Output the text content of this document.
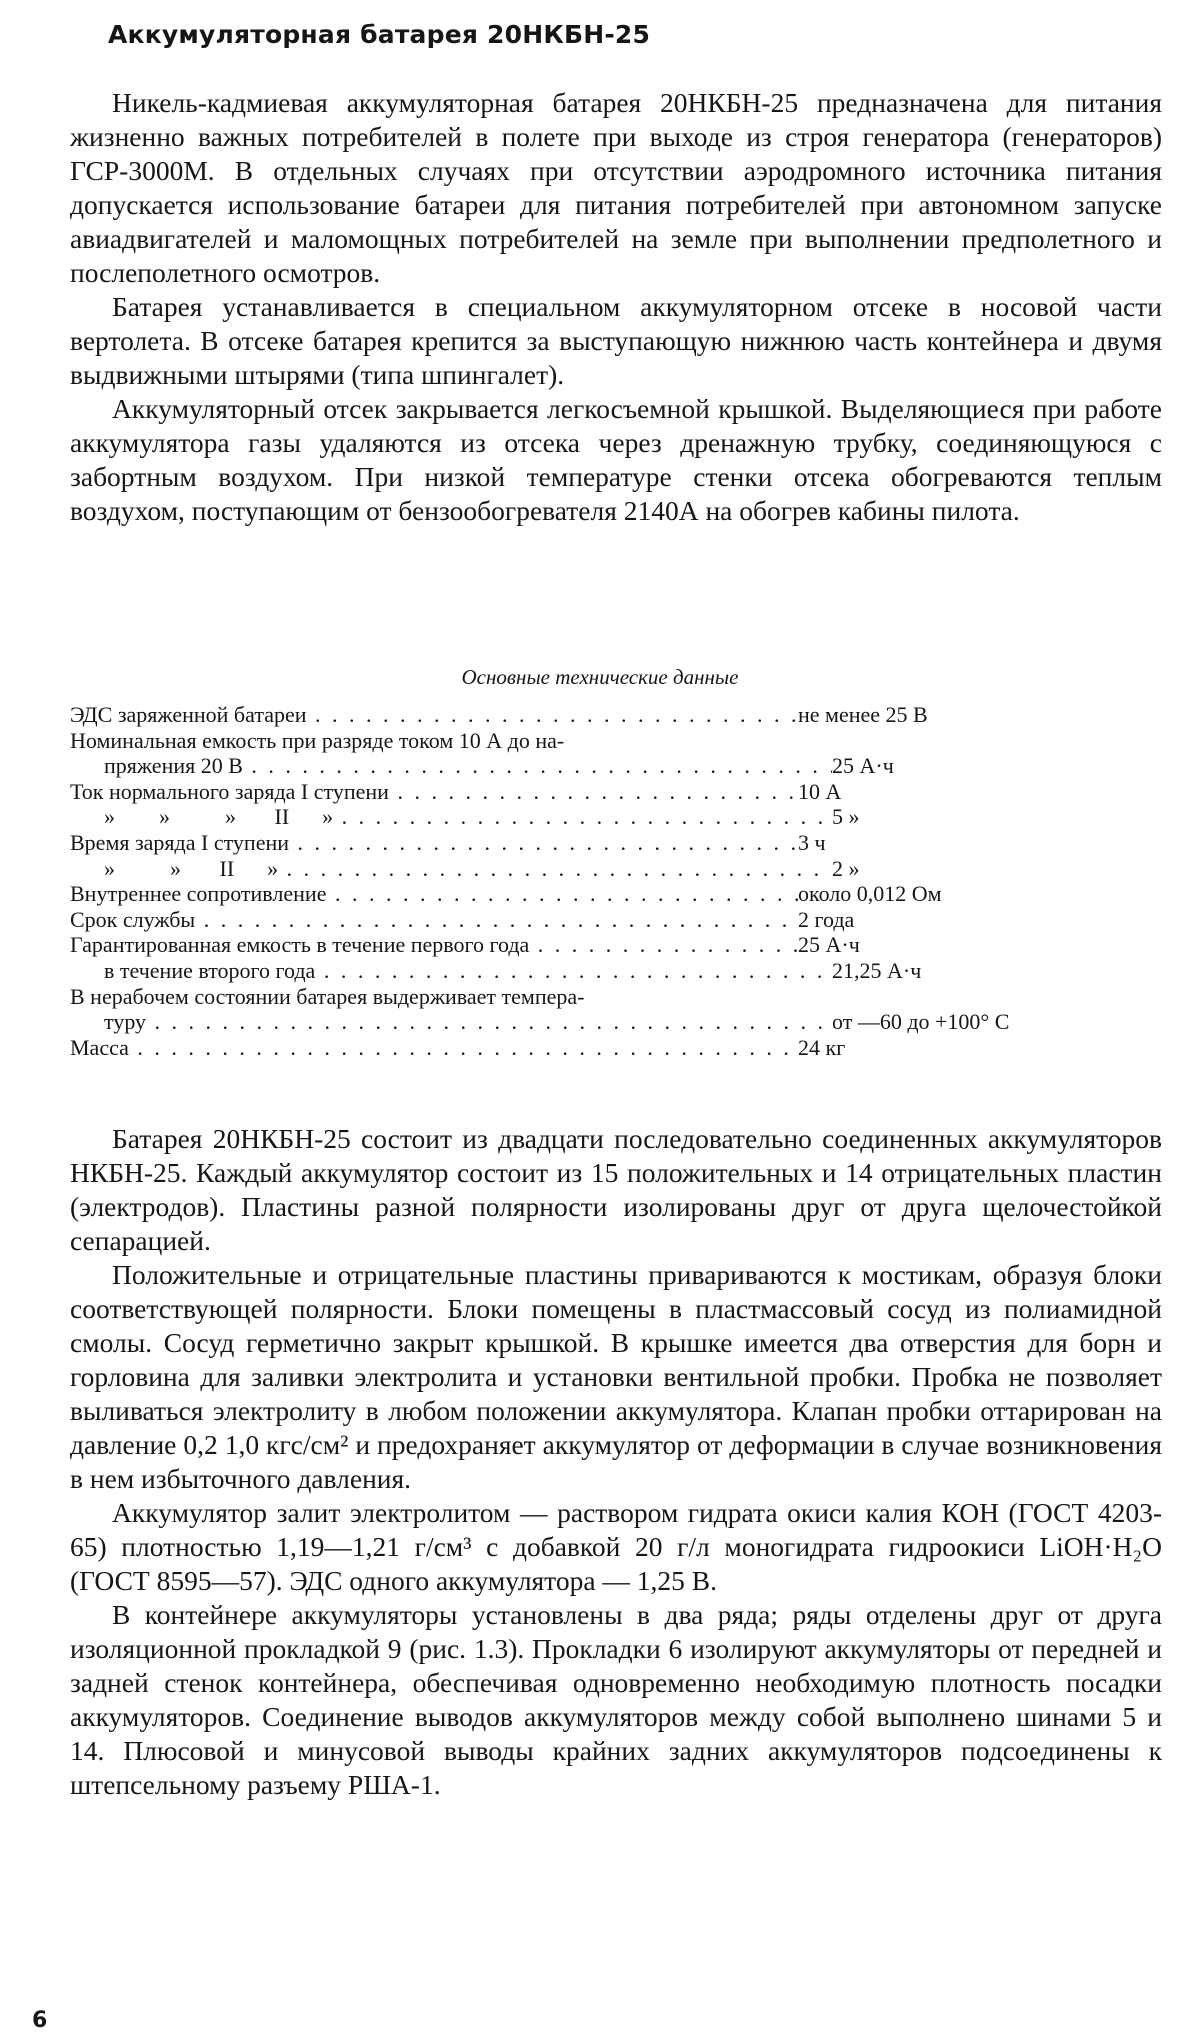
Аккумуляторная батарея 20НКБН-25

Никель-кадмиевая аккумуляторная батарея 20НКБН-25 предназначена для питания жизненно важных потребителей в полете при выходе из строя генератора (генераторов) ГСР-3000М. В отдельных случаях при отсутствии аэродромного источника питания допускается использование батареи для питания потребителей при автономном запуске авиадвигателей и маломощных потребителей на земле при выполнении предполетного и послеполетного осмотров.

Батарея устанавливается в специальном аккумуляторном отсеке в носовой части вертолета. В отсеке батарея крепится за выступающую нижнюю часть контейнера и двумя выдвижными штырями (типа шпингалет).

Аккумуляторный отсек закрывается легкосъемной крышкой. Выделяющиеся при работе аккумулятора газы удаляются из отсека через дренажную трубку, соединяющуюся с забортным воздухом. При низкой температуре стенки отсека обогреваются теплым воздухом, поступающим от бензообогревателя 2140А на обогрев кабины пилота.

Основные технические данные
ЭДС заряженной батареи . . .	не менее 25 В
Номинальная емкость при разряде током 10 А до на-
пряжения 20 В . . .	25 А·ч
Ток нормального заряда I ступени . . .	10 А
»        »          »       II      » . . .	5 »
Время заряда I ступени . . .	3 ч
»          »       II      » . . .	2 »
Внутреннее сопротивление . . .	около 0,012 Ом
Срок службы . . .	2 года
Гарантированная емкость в течение первого года . . .	25 А·ч
в течение второго года . . .	21,25 А·ч
В нерабочем состоянии батарея выдерживает темпера-
туру . . .	от —60 до +100° С
Масса . . .	24 кг

Батарея 20НКБН-25 состоит из двадцати последовательно соединенных аккумуляторов НКБН-25. Каждый аккумулятор состоит из 15 положительных и 14 отрицательных пластин (электродов). Пластины разной полярности изолированы друг от друга щелочестойкой сепарацией.

Положительные и отрицательные пластины привариваются к мостикам, образуя блоки соответствующей полярности. Блоки помещены в пластмассовый сосуд из полиамидной смолы. Сосуд герметично закрыт крышкой. В крышке имеется два отверстия для борн и горловина для заливки электролита и установки вентильной пробки. Пробка не позволяет выливаться электролиту в любом положении аккумулятора. Клапан пробки оттарирован на давление 0,2 1,0 кгс/см² и предохраняет аккумулятор от деформации в случае возникновения в нем избыточного давления.

Аккумулятор залит электролитом — раствором гидрата окиси калия КОН (ГОСТ 4203-65) плотностью 1,19—1,21 г/см³ с добавкой 20 г/л моногидрата гидроокиси LiOH·H₂O (ГОСТ 8595—57). ЭДС одного аккумулятора — 1,25 В.

В контейнере аккумуляторы установлены в два ряда; ряды отделены друг от друга изоляционной прокладкой 9 (рис. 1.3). Прокладки 6 изолируют аккумуляторы от передней и задней стенок контейнера, обеспечивая одновременно необходимую плотность посадки аккумуляторов. Соединение выводов аккумуляторов между собой выполнено шинами 5 и 14. Плюсовой и минусовой выводы крайних задних аккумуляторов подсоединены к штепсельному разъему РША-1.

6
